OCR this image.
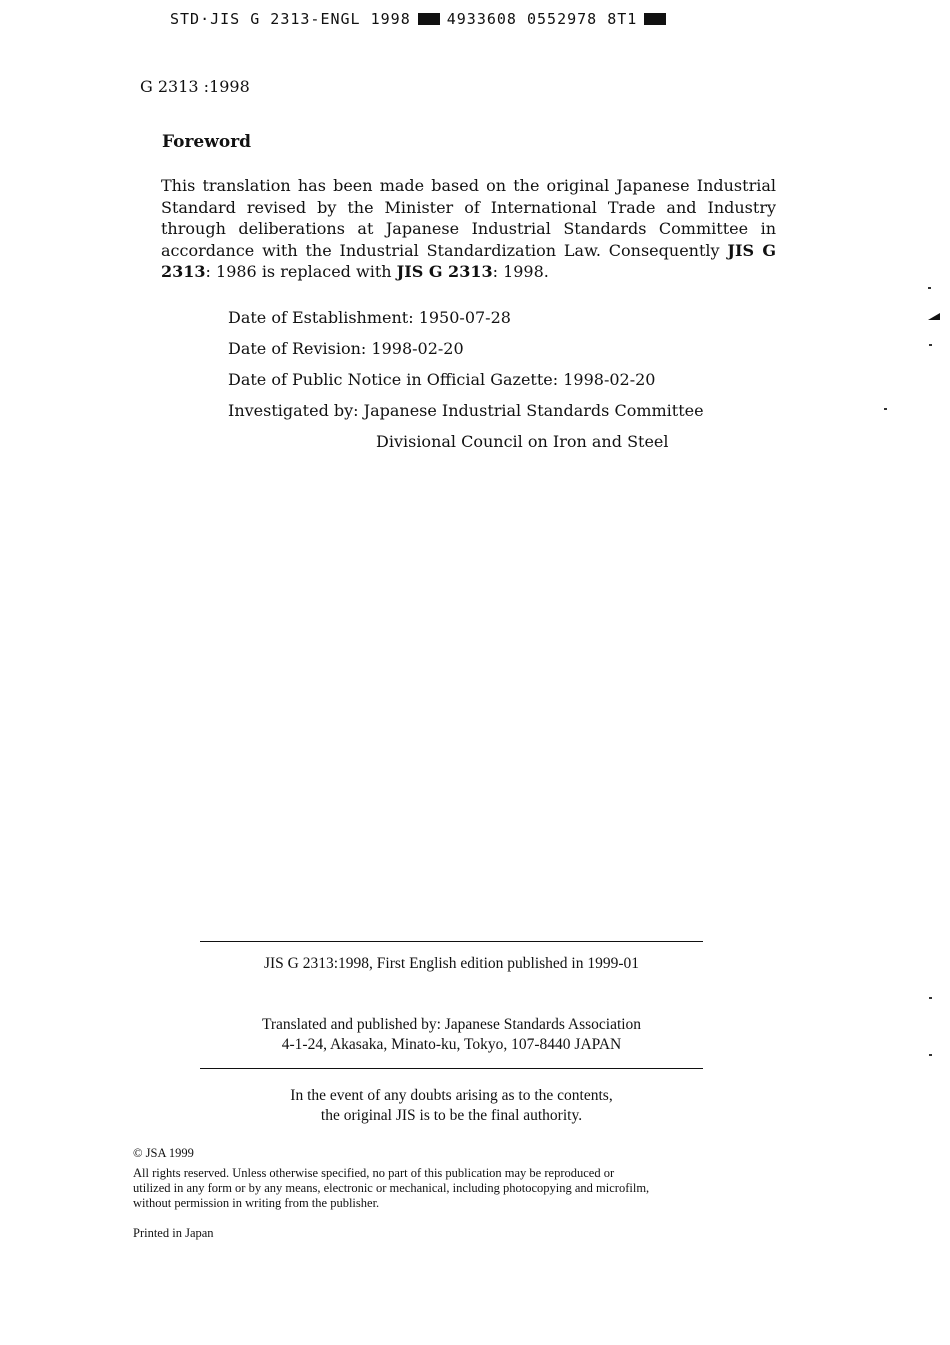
STD·JIS G 2313-ENGL 1998 4933608 0552978 8T1
G 2313 :1998
Foreword
This translation has been made based on the original Japanese Industrial Standard revised by the Minister of International Trade and Industry through deliberations at Japanese Industrial Standards Committee in accordance with the Industrial Standardization Law. Consequently JIS G 2313: 1986 is replaced with JIS G 2313: 1998.
Date of Establishment: 1950-07-28
Date of Revision: 1998-02-20
Date of Public Notice in Official Gazette: 1998-02-20
Investigated by: Japanese Industrial Standards Committee
Divisional Council on Iron and Steel
JIS G 2313:1998, First English edition published in 1999-01
Translated and published by: Japanese Standards Association
4-1-24, Akasaka, Minato-ku, Tokyo, 107-8440 JAPAN
In the event of any doubts arising as to the contents,
the original JIS is to be the final authority.
© JSA 1999
All rights reserved. Unless otherwise specified, no part of this publication may be reproduced or
utilized in any form or by any means, electronic or mechanical, including photocopying and microfilm,
without permission in writing from the publisher.
Printed in Japan
